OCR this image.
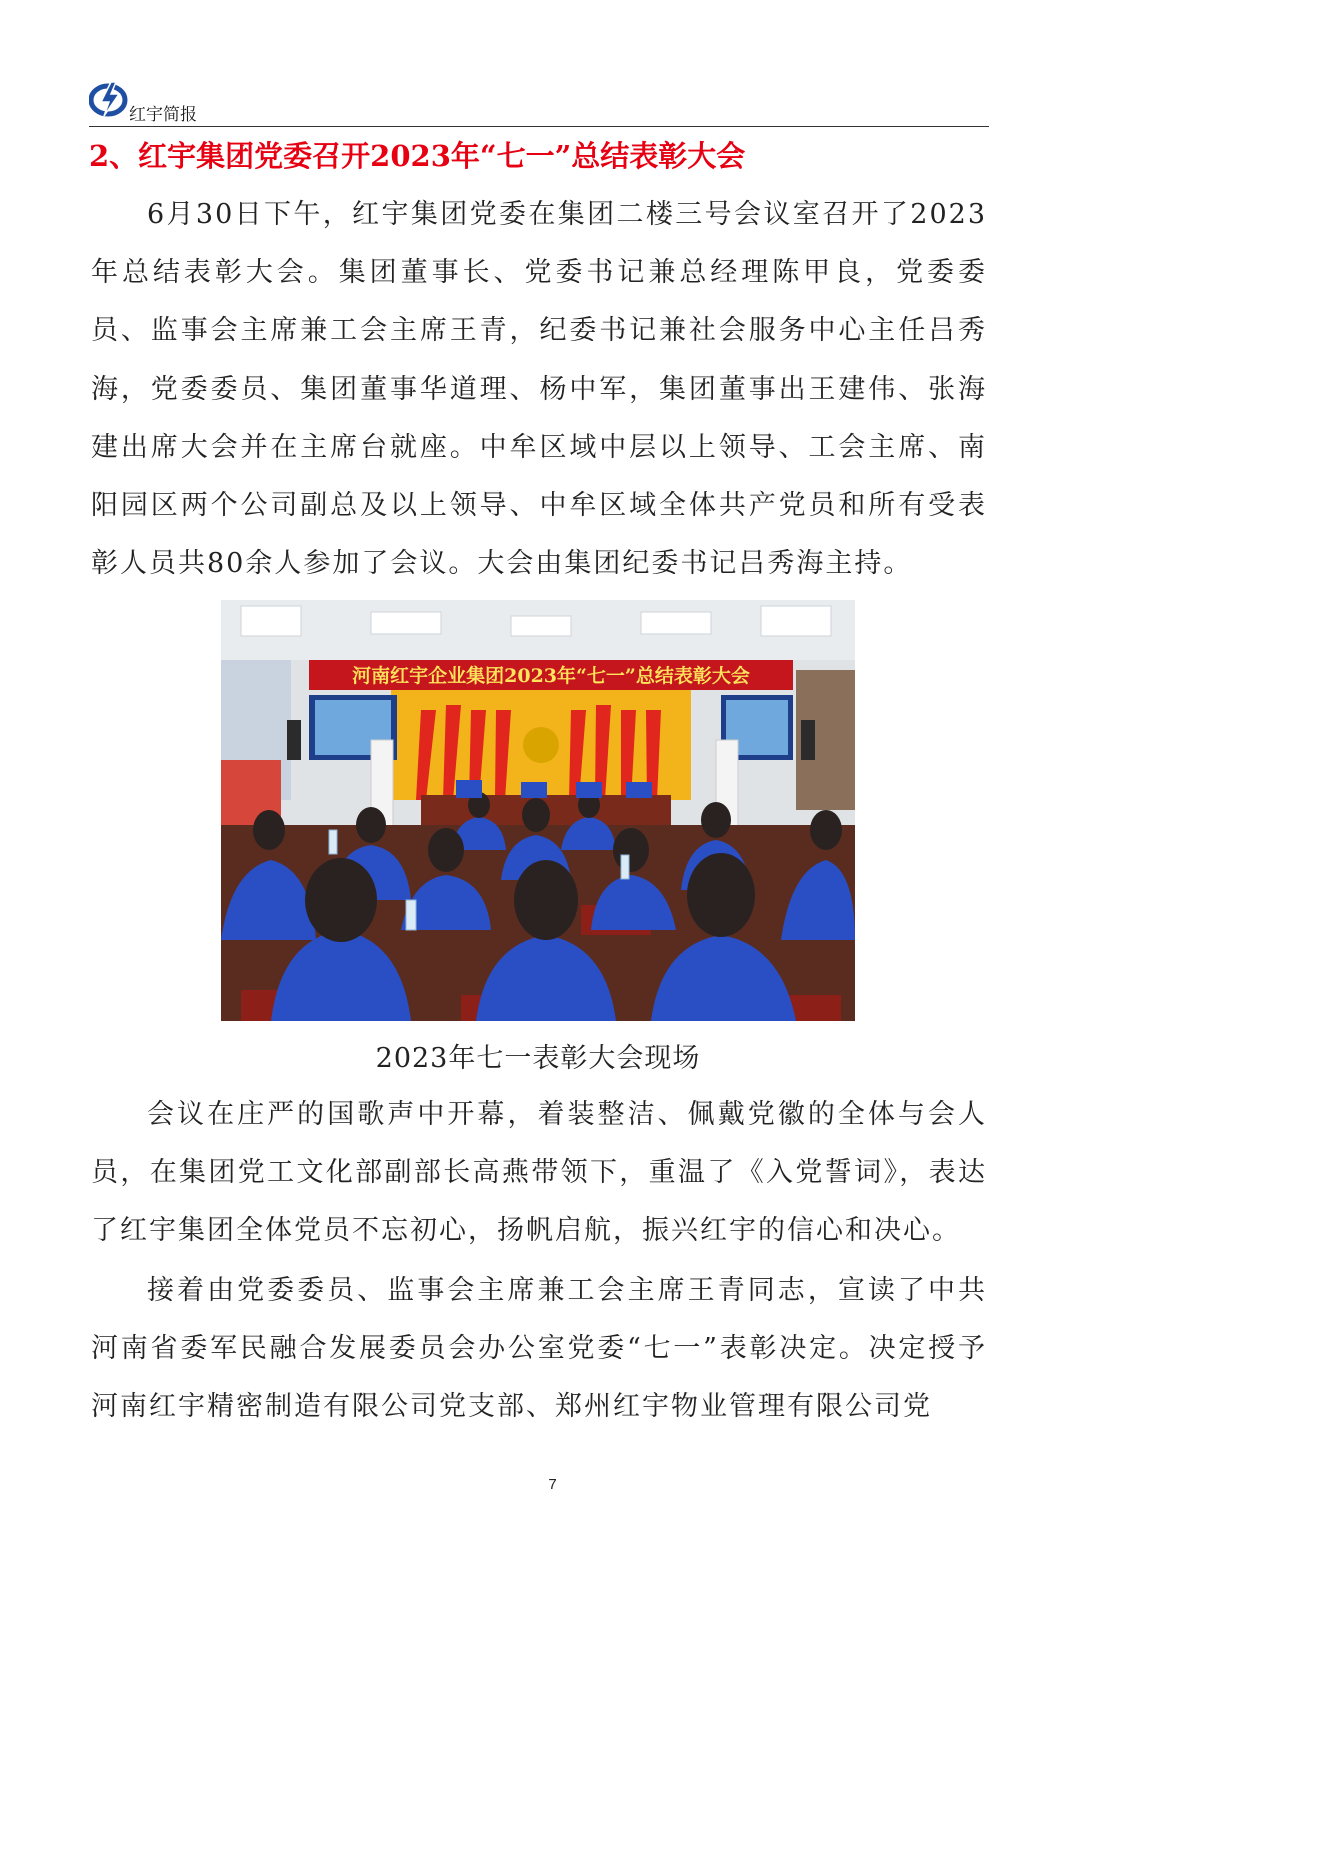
红宇简报
2、红宇集团党委召开2023年“七一”总结表彰大会

6月30日下午，红宇集团党委在集团二楼三号会议室召开了2023年总结表彰大会。集团董事长、党委书记兼总经理陈甲良，党委委员、监事会主席兼工会主席王青，纪委书记兼社会服务中心主任吕秀海，党委委员、集团董事华道理、杨中军，集团董事出王建伟、张海建出席大会并在主席台就座。中牟区域中层以上领导、工会主席、南阳园区两个公司副总及以上领导、中牟区域全体共产党员和所有受表彰人员共80余人参加了会议。大会由集团纪委书记吕秀海主持。

河南红宇企业集团2023年“七一”总结表彰大会
2023年七一表彰大会现场

会议在庄严的国歌声中开幕，着装整洁、佩戴党徽的全体与会人员，在集团党工文化部副部长高燕带领下，重温了《入党誓词》，表达了红宇集团全体党员不忘初心，扬帆启航，振兴红宇的信心和决心。

接着由党委委员、监事会主席兼工会主席王青同志，宣读了中共河南省委军民融合发展委员会办公室党委“七一”表彰决定。决定授予河南红宇精密制造有限公司党支部、郑州红宇物业管理有限公司党

7
